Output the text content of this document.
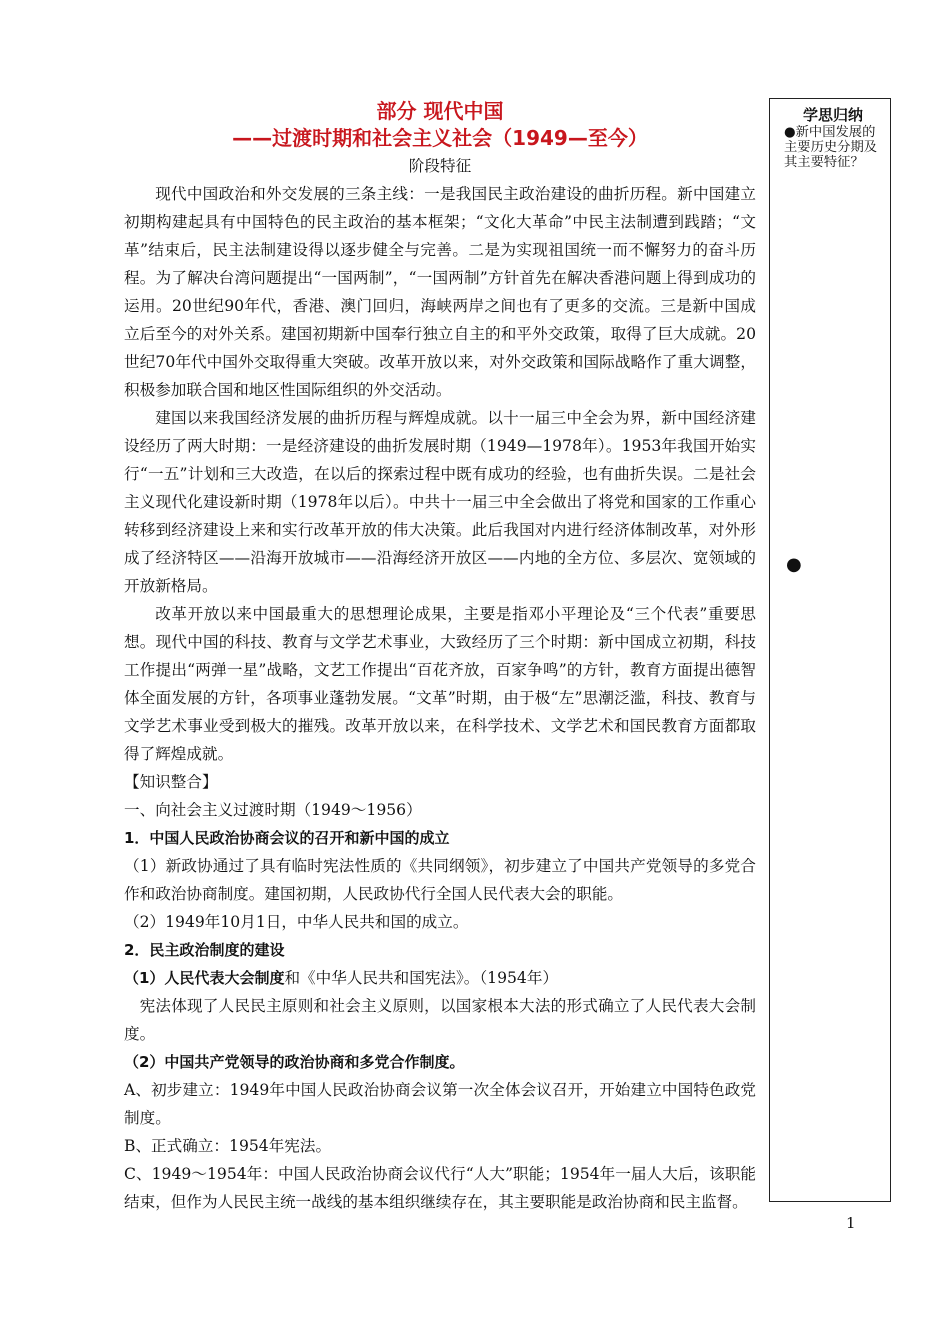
部分 现代中国
——过渡时期和社会主义社会（1949—至今）

阶段特征

现代中国政治和外交发展的三条主线：一是我国民主政治建设的曲折历程。新中国建立初期构建起具有中国特色的民主政治的基本框架；“文化大革命”中民主法制遭到践踏；“文革”结束后，民主法制建设得以逐步健全与完善。二是为实现祖国统一而不懈努力的奋斗历程。为了解决台湾问题提出“一国两制”，“一国两制”方针首先在解决香港问题上得到成功的运用。20世纪90年代，香港、澳门回归，海峡两岸之间也有了更多的交流。三是新中国成立后至今的对外关系。建国初期新中国奉行独立自主的和平外交政策，取得了巨大成就。20世纪70年代中国外交取得重大突破。改革开放以来，对外交政策和国际战略作了重大调整，积极参加联合国和地区性国际组织的外交活动。

建国以来我国经济发展的曲折历程与辉煌成就。以十一届三中全会为界，新中国经济建设经历了两大时期：一是经济建设的曲折发展时期（1949—1978年）。1953年我国开始实行“一五”计划和三大改造，在以后的探索过程中既有成功的经验，也有曲折失误。二是社会主义现代化建设新时期（1978年以后）。中共十一届三中全会做出了将党和国家的工作重心转移到经济建设上来和实行改革开放的伟大决策。此后我国对内进行经济体制改革，对外形成了经济特区——沿海开放城市——沿海经济开放区——内地的全方位、多层次、宽领域的开放新格局。

改革开放以来中国最重大的思想理论成果，主要是指邓小平理论及“三个代表”重要思想。现代中国的科技、教育与文学艺术事业，大致经历了三个时期：新中国成立初期，科技工作提出“两弹一星”战略，文艺工作提出“百花齐放，百家争鸣”的方针，教育方面提出德智体全面发展的方针，各项事业蓬勃发展。“文革”时期，由于极“左”思潮泛滥，科技、教育与文学艺术事业受到极大的摧残。改革开放以来，在科学技术、文学艺术和国民教育方面都取得了辉煌成就。

【知识整合】

一、向社会主义过渡时期（1949～1956）

1．中国人民政治协商会议的召开和新中国的成立

（1）新政协通过了具有临时宪法性质的《共同纲领》，初步建立了中国共产党领导的多党合作和政治协商制度。建国初期，人民政协代行全国人民代表大会的职能。

（2）1949年10月1日，中华人民共和国的成立。

2．民主政治制度的建设

（1）人民代表大会制度和《中华人民共和国宪法》。（1954年）

宪法体现了人民民主原则和社会主义原则，以国家根本大法的形式确立了人民代表大会制度。

（2）中国共产党领导的政治协商和多党合作制度。

A、初步建立：1949年中国人民政治协商会议第一次全体会议召开，开始建立中国特色政党制度。

B、正式确立：1954年宪法。

C、1949～1954年：中国人民政治协商会议代行“人大”职能；1954年一届人大后，该职能结束，但作为人民民主统一战线的基本组织继续存在，其主要职能是政治协商和民主监督。

学思归纳
●新中国发展的主要历史分期及其主要特征？
●
1
